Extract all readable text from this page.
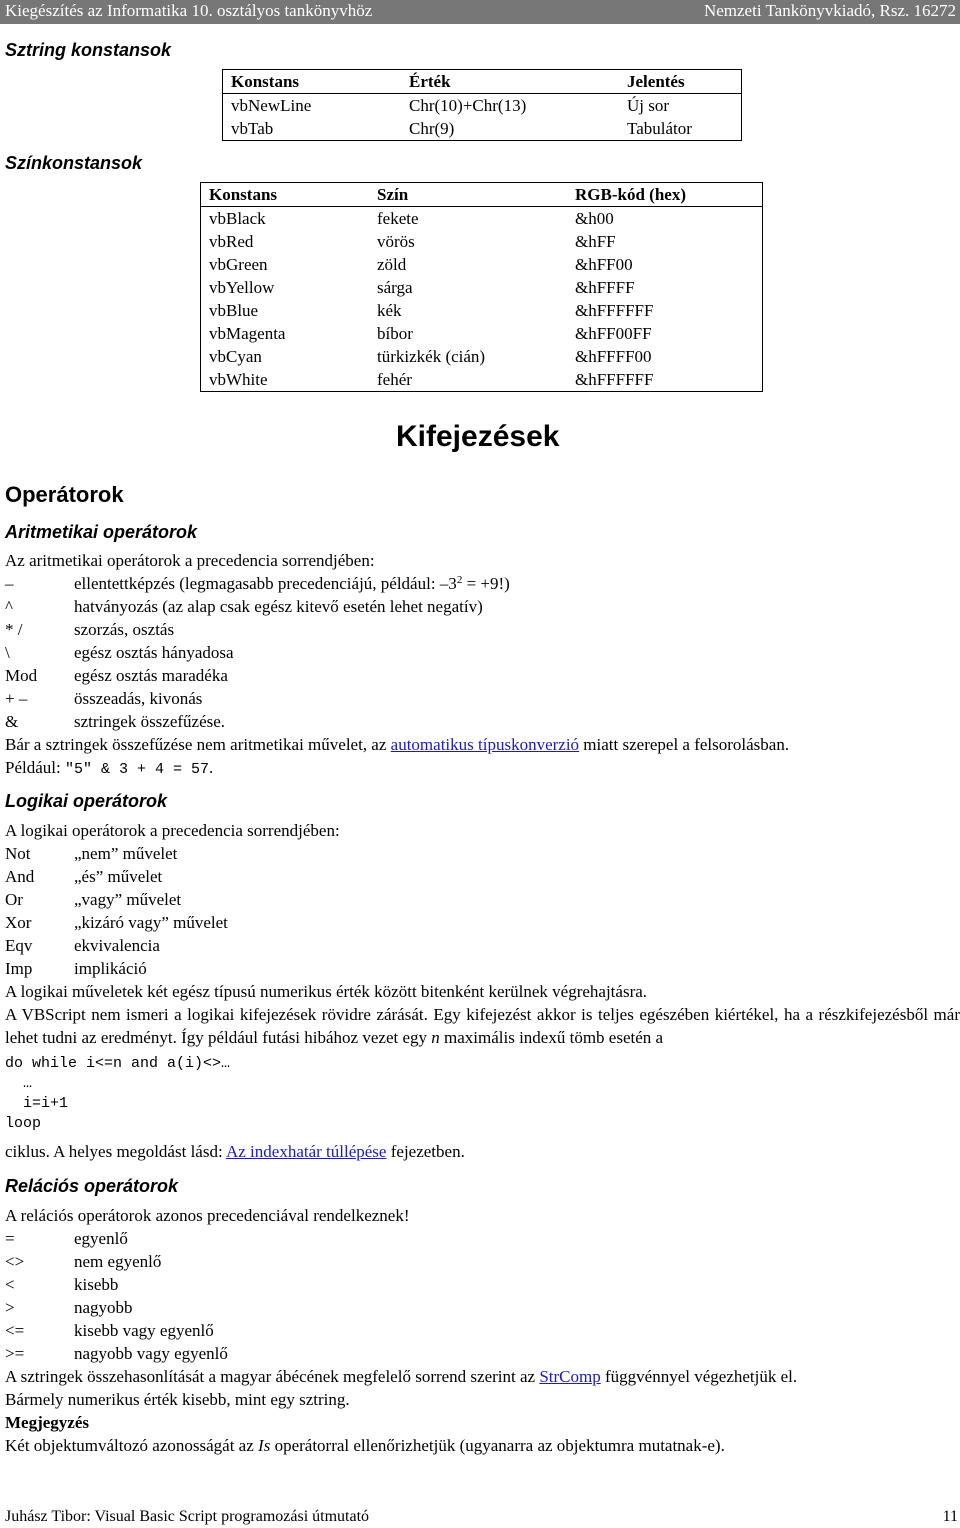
Kiegészítés az Informatika 10. osztályos tankönyvhöz	Nemzeti Tankönyvkiadó, Rsz. 16272
Sztring konstansok
Konstans	Érték	Jelentés
vbNewLine	Chr(10)+Chr(13)	Új sor
vbTab	Chr(9)	Tabulátor
Színkonstansok
Konstans	Szín	RGB-kód (hex)
vbBlack	fekete	&h00
vbRed	vörös	&hFF
vbGreen	zöld	&hFF00
vbYellow	sárga	&hFFFF
vbBlue	kék	&hFFFFFF
vbMagenta	bíbor	&hFF00FF
vbCyan	türkizkék (cián)	&hFFFF00
vbWhite	fehér	&hFFFFFF
Kifejezések
Operátorok
Aritmetikai operátorok
Az aritmetikai operátorok a precedencia sorrendjében:
–	ellentettképzés (legmagasabb precedenciájú, például: $-3^2 = +9$!)
^	hatványozás (az alap csak egész kitevő esetén lehet negatív)
* /	szorzás, osztás
\	egész osztás hányadosa
Mod egész osztás maradéka
+ –	összeadás, kivonás
&	sztringek összefűzése.
Bár a sztringek összefűzése nem aritmetikai művelet, az automatikus típuskonverzió miatt szerepel a felsorolásban.
Például: "5" & 3 + 4 = 57.
Logikai operátorok
A logikai operátorok a precedencia sorrendjében:
Not	„nem” művelet
And „és” művelet
Or	„vagy” művelet
Xor	„kizáró vagy” művelet
Eqv ekvivalencia
Imp implikáció
A logikai műveletek két egész típusú numerikus érték között bitenként kerülnek végrehajtásra.
A VBScript nem ismeri a logikai kifejezések rövidre zárását. Egy kifejezést akkor is teljes egészében kiértékel, ha a részkifejezésből már lehet tudni az eredményt. Így például futási hibához vezet egy n maximális indexű tömb esetén a
do while i<=n and a(i)<>…
…
i=i+1
loop
ciklus. A helyes megoldást lásd: Az indexhatár túllépése fejezetben.
Relációs operátorok
A relációs operátorok azonos precedenciával rendelkeznek!
=	egyenlő
<>	nem egyenlő
<	kisebb
>	nagyobb
<=	kisebb vagy egyenlő
>=	nagyobb vagy egyenlő
A sztringek összehasonlítását a magyar ábécének megfelelő sorrend szerint az StrComp függvénnyel végezhetjük el.
Bármely numerikus érték kisebb, mint egy sztring.
Megjegyzés
Két objektumváltozó azonosságát az Is operátorral ellenőrizhetjük (ugyanarra az objektumra mutatnak-e).
Juhász Tibor: Visual Basic Script programozási útmutató	11
